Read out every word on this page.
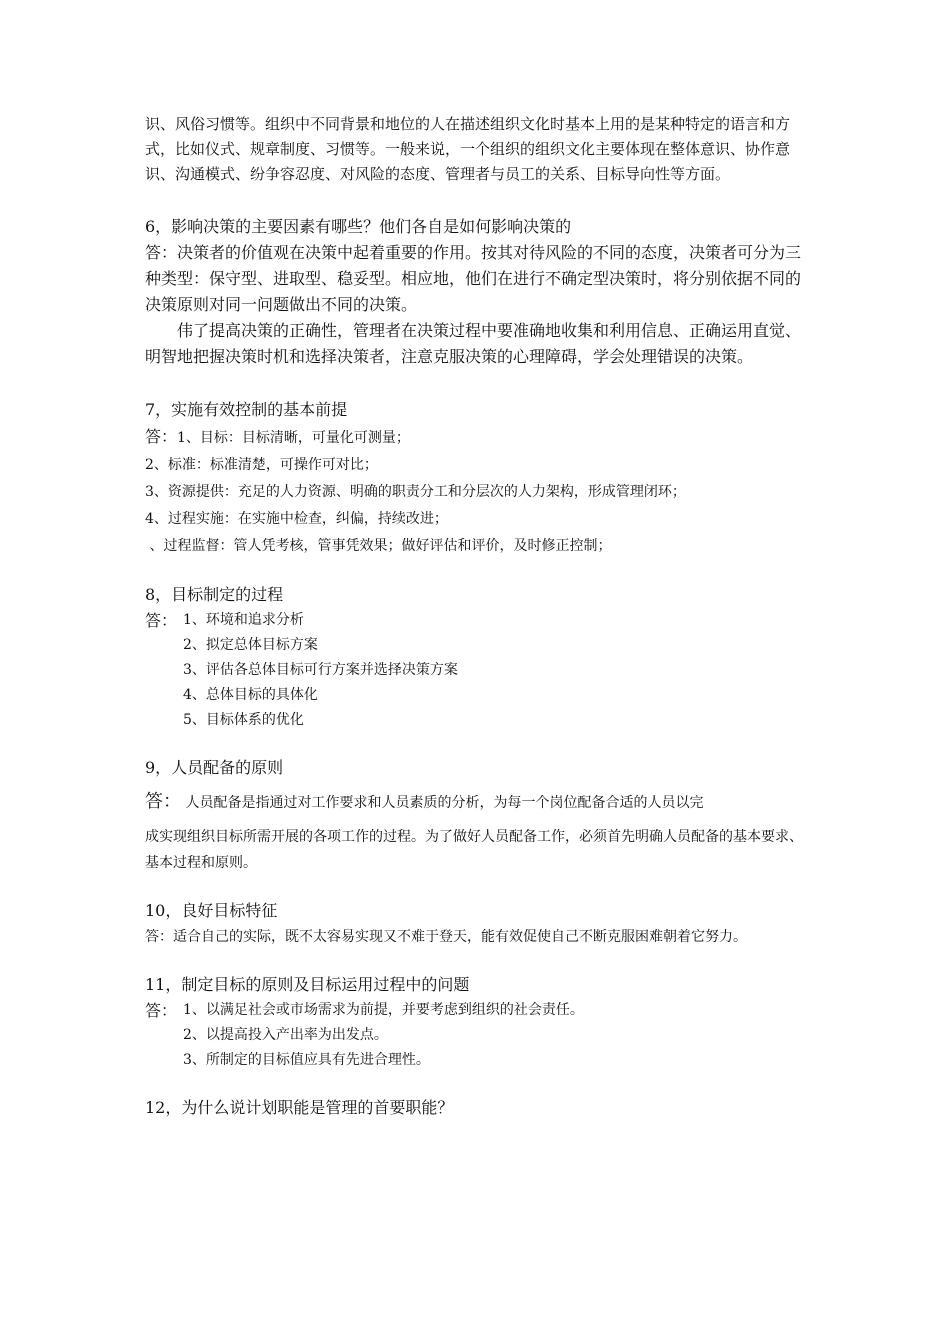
识、风俗习惯等。组织中不同背景和地位的人在描述组织文化时基本上用的是某种特定的语言和方式，比如仪式、规章制度、习惯等。一般来说，一个组织的组织文化主要体现在整体意识、协作意识、沟通模式、纷争容忍度、对风险的态度、管理者与员工的关系、目标导向性等方面。

6，影响决策的主要因素有哪些？他们各自是如何影响决策的

答：决策者的价值观在决策中起着重要的作用。按其对待风险的不同的态度，决策者可分为三种类型：保守型、进取型、稳妥型。相应地，他们在进行不确定型决策时，将分别依据不同的决策原则对同一问题做出不同的决策。

伟了提高决策的正确性，管理者在决策过程中要准确地收集和利用信息、正确运用直觉、明智地把握决策时机和选择决策者，注意克服决策的心理障碍，学会处理错误的决策。

7，实施有效控制的基本前提

答：1、目标：目标清晰，可量化可测量；

2、标准：标准清楚，可操作可对比；

3、资源提供：充足的人力资源、明确的职责分工和分层次的人力架构，形成管理闭环；

4、过程实施：在实施中检查，纠偏，持续改进；

、过程监督：管人凭考核，管事凭效果；做好评估和评价，及时修正控制；

8，目标制定的过程

答： 1、环境和追求分析

2、拟定总体目标方案

3、评估各总体目标可行方案并选择决策方案

4、总体目标的具体化

5、目标体系的优化

9，人员配备的原则

答： 人员配备是指通过对工作要求和人员素质的分析，为每一个岗位配备合适的人员以完

成实现组织目标所需开展的各项工作的过程。为了做好人员配备工作，必须首先明确人员配备的基本要求、基本过程和原则。

10，良好目标特征

答：适合自己的实际，既不太容易实现又不难于登天，能有效促使自己不断克服困难朝着它努力。

11，制定目标的原则及目标运用过程中的问题

答： 1、以满足社会或市场需求为前提，并要考虑到组织的社会责任。

2、以提高投入产出率为出发点。

3、所制定的目标值应具有先进合理性。

12，为什么说计划职能是管理的首要职能？
